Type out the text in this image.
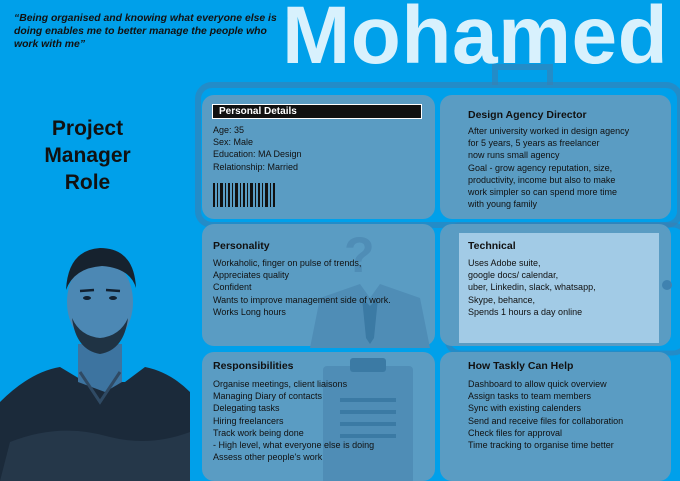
“Being organised and knowing what everyone else is doing enables me to better manage the people who work with me”	Mohamed
Project
Manager
Role
Personal Details
Age: 35
Sex: Male
Education: MA Design
Relationship: Married
Design Agency Director
After university worked in design agency
for 5 years, 5 years as freelancer
now runs small agency
Goal - grow agency reputation, size,
productivity, income but also to make
work simpler so can spend more time
with young family
?
Personality
Workaholic, finger on pulse of trends,
Appreciates quality
Confident
Wants to improve management side of work.
Works Long hours
Technical
Uses Adobe suite,
google docs/ calendar,
uber, Linkedin, slack, whatsapp,
Skype, behance,
Spends 1 hours a day online
Responsibilities
Organise meetings, client liaisons
Managing Diary of contacts
Delegating tasks
Hiring freelancers
Track work being done
- High level, what everyone else is doing
Assess other people's work
How Taskly Can Help
Dashboard to allow quick overview
Assign tasks to team members
Sync with existing calenders
Send and receive files for collaboration
Check files for approval
Time tracking to organise time better
